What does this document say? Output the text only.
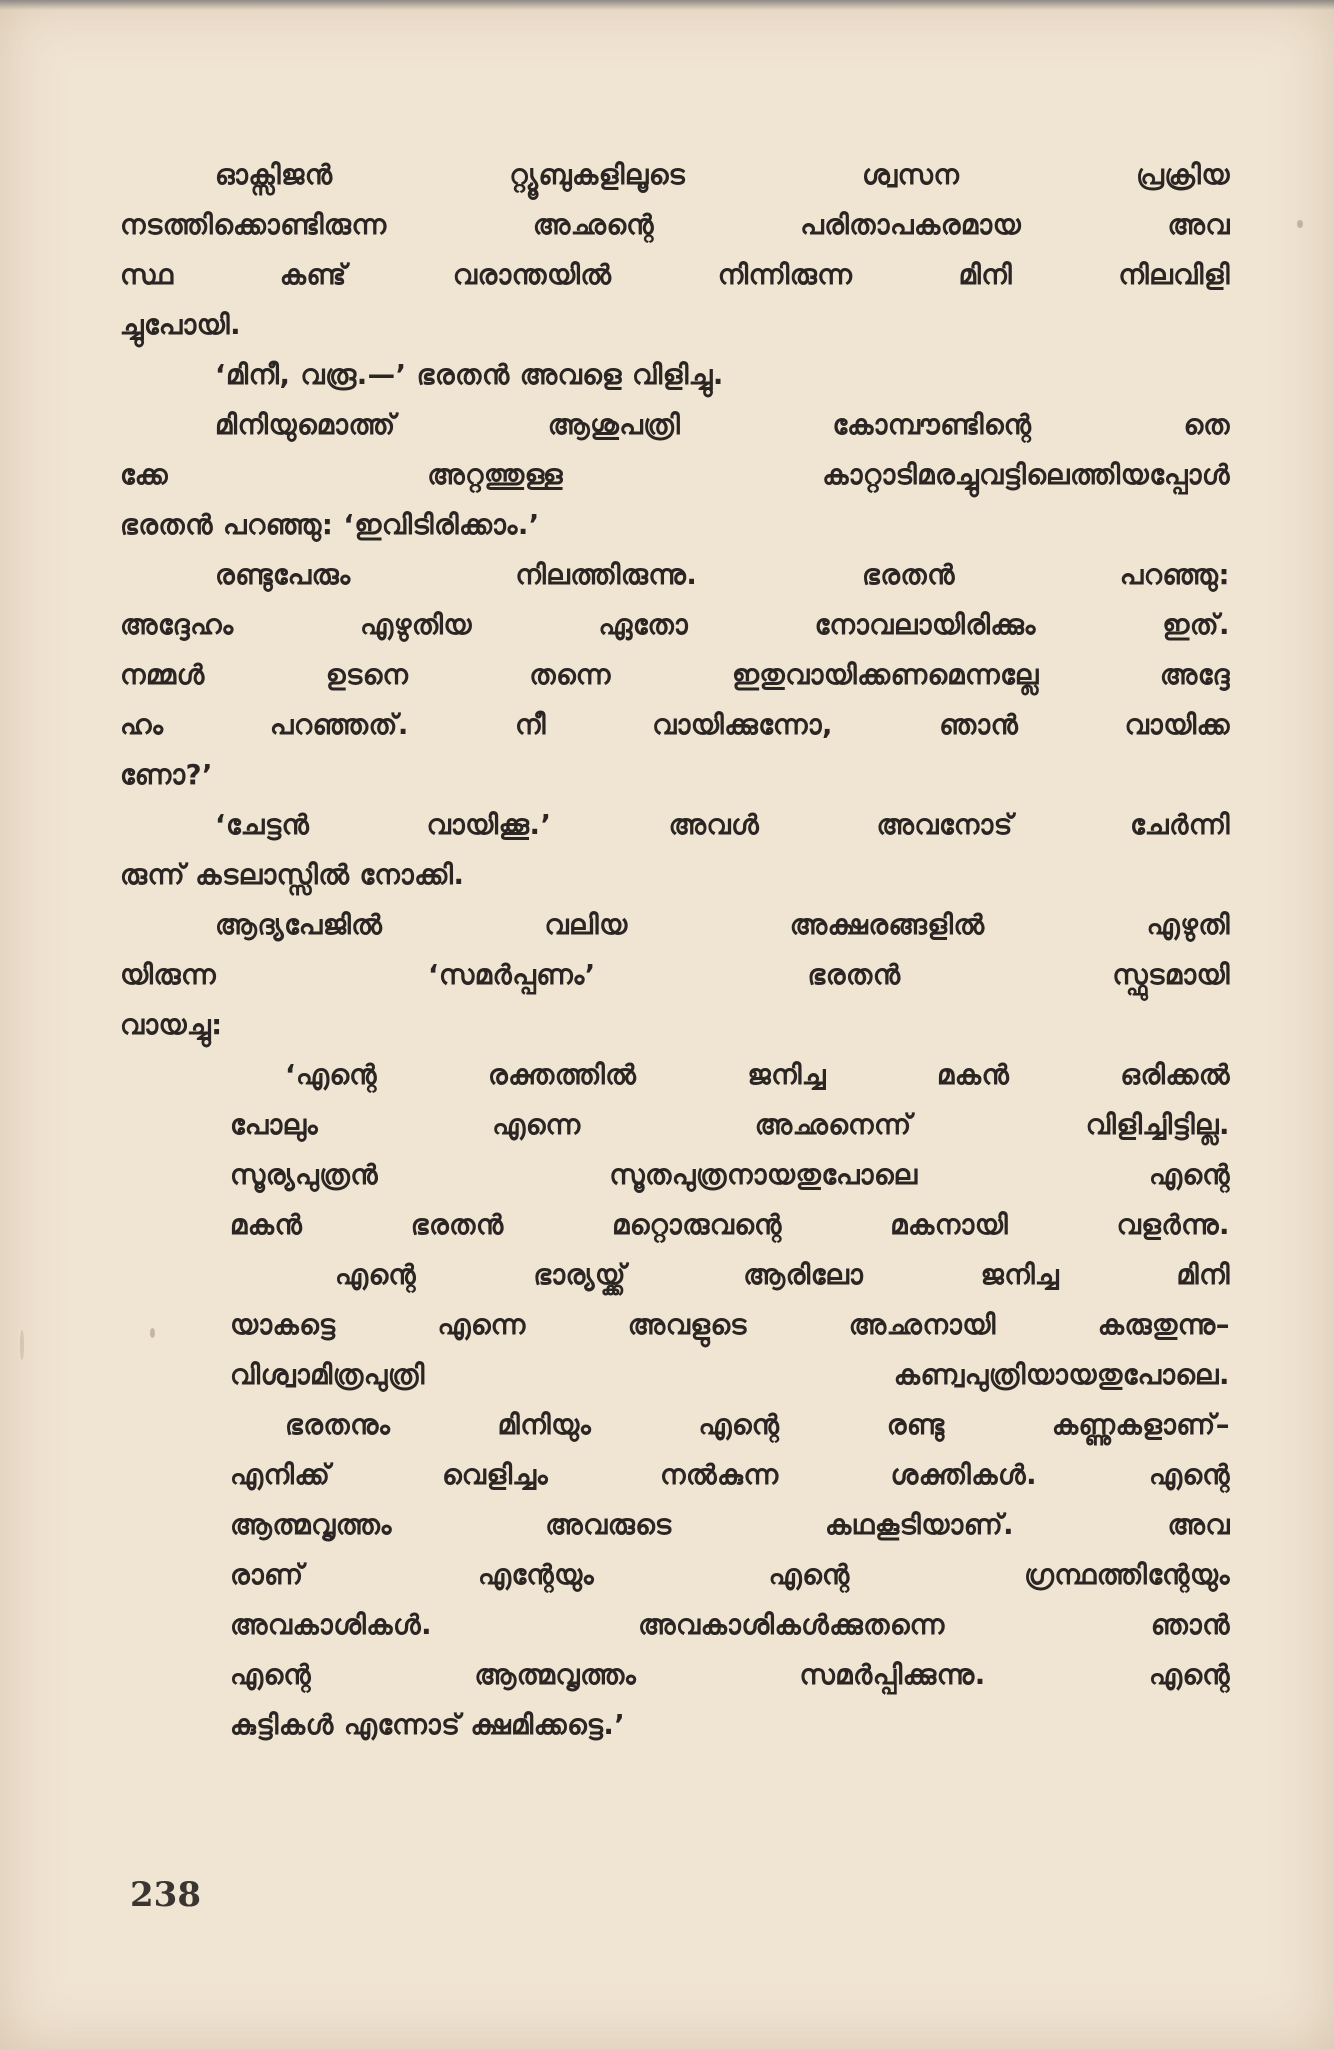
ഓക്സിജൻ റ്റ്യൂബുകളിലൂടെ ശ്വസന പ്രക്രിയ
നടത്തിക്കൊണ്ടിരുന്ന അഛന്റെ പരിതാപകരമായ അവ
സ്ഥ കണ്ട് വരാന്തയിൽ നിന്നിരുന്ന മിനി നിലവിളി
ച്ചുപോയി.
‘മിനീ, വരൂ.—’ ഭരതൻ അവളെ വിളിച്ചു.
മിനിയുമൊത്ത് ആശുപത്രി കോമ്പൗണ്ടിന്റെ തെ
ക്കേ അറ്റത്തുള്ള കാറ്റാടിമരച്ചുവട്ടിലെത്തിയപ്പോൾ
ഭരതൻ പറഞ്ഞു: ‘ഇവിടിരിക്കാം.’
രണ്ടുപേരും നിലത്തിരുന്നു. ഭരതൻ പറഞ്ഞു:
അദ്ദേഹം എഴുതിയ ഏതോ നോവലായിരിക്കും ഇത്.
നമ്മൾ ഉടനെ തന്നെ ഇതുവായിക്കണമെന്നല്ലേ അദ്ദേ
ഹം പറഞ്ഞത്. നീ വായിക്കുന്നോ, ഞാൻ വായിക്ക
ണോ?’
‘ചേട്ടൻ വായിക്കൂ.’ അവൾ അവനോട് ചേർന്നി
രുന്ന് കടലാസ്സിൽ നോക്കി.
ആദ്യപേജിൽ വലിയ അക്ഷരങ്ങളിൽ എഴുതി
യിരുന്ന ‘സമർപ്പണം’ ഭരതൻ സ്ഫുടമായി
വായച്ചു:
‘എന്റെ രക്തത്തിൽ ജനിച്ച മകൻ ഒരിക്കൽ
പോലും എന്നെ അഛനെന്ന് വിളിച്ചിട്ടില്ല.
സൂര്യപുത്രൻ സൂതപുത്രനായതുപോലെ എന്റെ
മകൻ ഭരതൻ മറ്റൊരുവന്റെ മകനായി വളർന്നു.
എന്റെ ഭാര്യയ്ക്ക് ആരിലോ ജനിച്ച മിനി
യാകട്ടെ എന്നെ അവളുടെ അഛനായി കരുതുന്നു–
വിശ്വാമിത്രപുത്രി കണ്വപുത്രിയായതുപോലെ.
ഭരതനും മിനിയും എന്റെ രണ്ടു കണ്ണുകളാണ്–
എനിക്ക് വെളിച്ചം നൽകുന്ന ശക്തികൾ. എന്റെ
ആത്മവൃത്തം അവരുടെ കഥകൂടിയാണ്. അവ
രാണ് എന്റേയും എന്റെ ഗ്രന്ഥത്തിന്റേയും
അവകാശികൾ. അവകാശികൾക്കുതന്നെ ഞാൻ
എന്റെ ആത്മവൃത്തം സമർപ്പിക്കുന്നു. എന്റെ
കുട്ടികൾ എന്നോട് ക്ഷമിക്കട്ടെ.’
238
